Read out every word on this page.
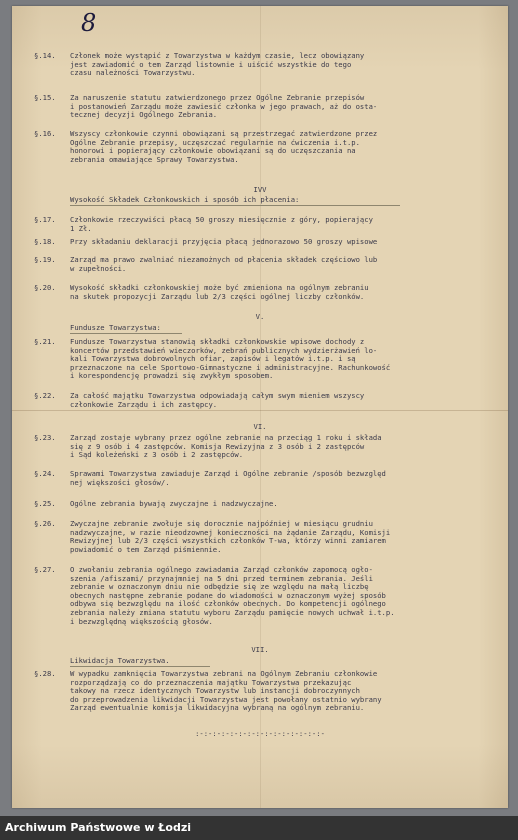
8
§.14.	Członek może wystąpić z Towarzystwa w każdym czasie, lecz obowiązany
jest zawiadomić o tem Zarząd listownie i uiścić wszystkie do tego
czasu należności Towarzystwu.
§.15.	Za naruszenie statutu zatwierdzonego przez Ogólne Zebranie przepisów
i postanowień Zarządu może zawiesić członka w jego prawach, aż do osta-
tecznej decyzji Ogólnego Zebrania.
§.16.	Wszyscy członkowie czynni obowiązani są przestrzegać zatwierdzone przez
Ogólne Zebranie przepisy, uczęszczać regularnie na ćwiczenia i.t.p.
honorowi i popierający członkowie obowiązani są do uczęszczania na
zebrania omawiające Sprawy Towarzystwa.
IVV
Wysokość Składek Członkowskich i sposób ich płacenia:
§.17.	Członkowie rzeczywiści płacą 50 groszy miesięcznie z góry, popierający
1 Zł.
§.18.	Przy składaniu deklaracji przyjęcia płacą jednorazowo 50 groszy wpisowe
§.19.	Zarząd ma prawo zwalniać niezamożnych od płacenia składek częściowo lub
w zupełności.
§.20.	Wysokość składki członkowskiej może być zmieniona na ogólnym zebraniu
na skutek propozycji Zarządu lub 2/3 części ogólnej liczby członków.
V.
Fundusze Towarzystwa:
§.21.	Fundusze Towarzystwa stanowią składki członkowskie wpisowe dochody z
koncertów przedstawień wieczorków, zebrań publicznych wydzierżawień lo-
kali Towarzystwa dobrowolnych ofiar, zapisów i legatów i.t.p. i są
przeznaczone na cele Sportowo-Gimnastyczne i administracyjne. Rachunkowość
i korespondencję prowadzi się zwykłym sposobem.
§.22.	Za całość majątku Towarzystwa odpowiadają całym swym mieniem wszyscy
członkowie Zarządu i ich zastępcy.
VI.
§.23.	Zarząd zostaje wybrany przez ogólne zebranie na przeciąg 1 roku i składa
się z 9 osób i 4 zastępców. Komisja Rewizyjna z 3 osób i 2 zastępców
i Sąd koleżeński z 3 osób i 2 zastępców.
§.24.	Sprawami Towarzystwa zawiaduje Zarząd i Ogólne zebranie /sposób bezwzględ
nej większości głosów/.
§.25.	Ogólne zebrania bywają zwyczajne i nadzwyczajne.
§.26.	Zwyczajne zebranie zwołuje się dorocznie najpóźniej w miesiącu grudniu
nadzwyczajne, w razie nieodzownej konieczności na żądanie Zarządu, Komisji
Rewizyjnej lub 2/3 części wszystkich członków T-wa, którzy winni zamiarem
powiadomić o tem Zarząd piśmiennie.
§.27.	O zwołaniu zebrania ogólnego zawiadamia Zarząd członków zapomocą ogło-
szenia /afiszami/ przynajmniej na 5 dni przed terminem zebrania. Jeśli
zebranie w oznaczonym dniu nie odbędzie się ze względu na małą liczbę
obecnych następne zebranie podane do wiadomości w oznaczonym wyżej sposób
odbywa się bezwzględu na ilość członków obecnych. Do kompetencji ogólnego
zebrania należy zmiana statutu wyboru Zarządu pamięcie nowych uchwał i.t.p.
i bezwzględną większością głosów.
VII.
Likwidacja Towarzystwa.
§.28.	W wypadku zamknięcia Towarzystwa zebrani na Ogólnym Zebraniu członkowie
rozporządzają co do przeznaczenia majątku Towarzystwa przekazując
takowy na rzecz identycznych Towarzystw lub instancji dobroczynnych
do przeprowadzenia likwidacji Towarzystwa jest powołany ostatnio wybrany
Zarząd ewentualnie komisja likwidacyjna wybraną na ogólnym zebraniu.
:-:-:-:-:-:-:-:-:-:-:-:-:-:-:-
Archiwum Państwowe w Łodzi
